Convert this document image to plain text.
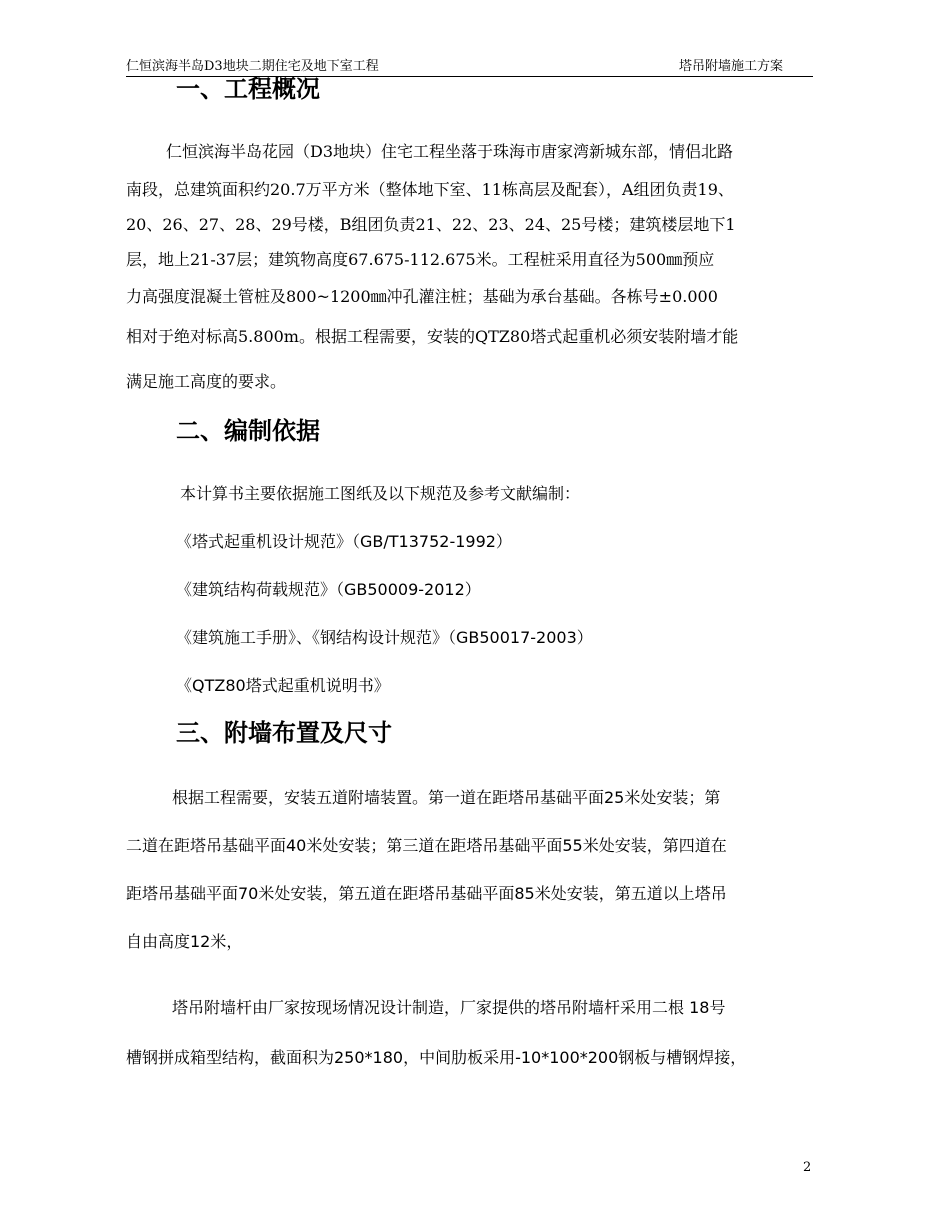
仁恒滨海半岛D3地块二期住宅及地下室工程	塔吊附墙施工方案
一、工程概况
仁恒滨海半岛花园（D3地块）住宅工程坐落于珠海市唐家湾新城东部，情侣北路
南段，总建筑面积约20.7万平方米（整体地下室、11栋高层及配套），A组团负责19、
20、26、27、28、29号楼，B组团负责21、22、23、24、25号楼；建筑楼层地下1
层，地上21-37层；建筑物高度67.675-112.675米。工程桩采用直径为500㎜预应
力高强度混凝土管桩及800~1200㎜冲孔灌注桩；基础为承台基础。各栋号±0.000
相对于绝对标高5.800m。根据工程需要，安装的QTZ80塔式起重机必须安装附墙才能
满足施工高度的要求。
二、编制依据
本计算书主要依据施工图纸及以下规范及参考文献编制：
《塔式起重机设计规范》（GB/T13752-1992）
《建筑结构荷载规范》（GB50009-2012）
《建筑施工手册》、《钢结构设计规范》（GB50017-2003）
《QTZ80塔式起重机说明书》
三、附墙布置及尺寸
根据工程需要，安装五道附墙装置。第一道在距塔吊基础平面25米处安装；第
二道在距塔吊基础平面40米处安装；第三道在距塔吊基础平面55米处安装，第四道在
距塔吊基础平面70米处安装，第五道在距塔吊基础平面85米处安装，第五道以上塔吊
自由高度12米，
塔吊附墙杆由厂家按现场情况设计制造，厂家提供的塔吊附墙杆采用二根 18号
槽钢拼成箱型结构，截面积为250*180，中间肋板采用-10*100*200钢板与槽钢焊接，
2
